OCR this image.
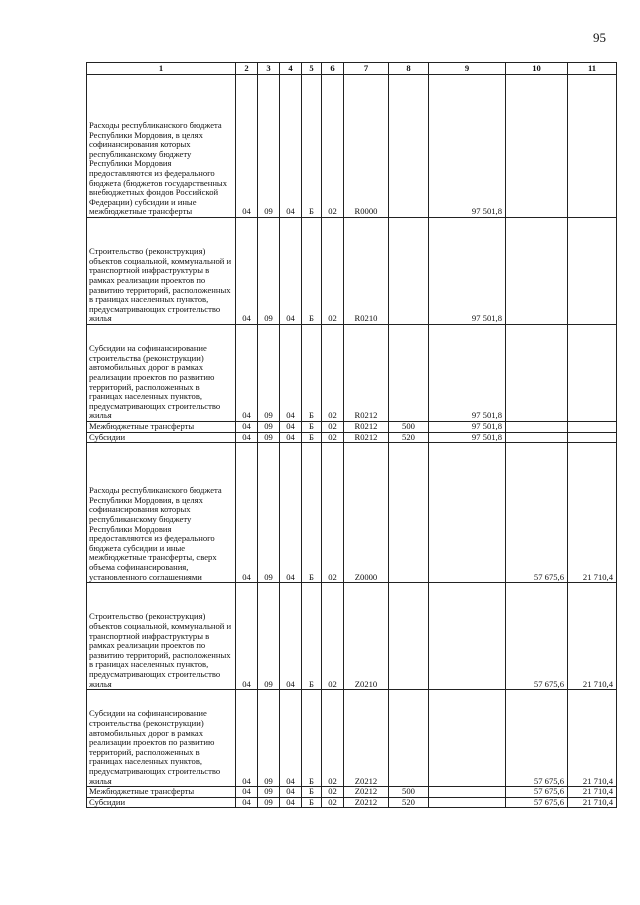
95
1	2	3	4	5	6	7	8	9	10	11
Расходы республиканского бюджета Республики Мордовия, в целях софинансирования которых республиканскому бюджету Республики Мордовия предоставляются из федерального бюджета (бюджетов государственных внебюджетных фондов Российской Федерации) субсидии и иные межбюджетные трансферты	04	09	04	Б	02	R0000		97 501,8		
Строительство (реконструкция) объектов социальной, коммунальной и транспортной инфраструктуры в рамках реализации проектов по развитию территорий, расположенных в границах населенных пунктов, предусматривающих строительство жилья	04	09	04	Б	02	R0210		97 501,8		
Субсидии на софинансирование строительства (реконструкции) автомобильных дорог в рамках реализации проектов по развитию территорий, расположенных в границах населенных пунктов, предусматривающих строительство жилья	04	09	04	Б	02	R0212		97 501,8		
Межбюджетные трансферты	04	09	04	Б	02	R0212	500	97 501,8		
Субсидии	04	09	04	Б	02	R0212	520	97 501,8		
Расходы республиканского бюджета Республики Мордовия, в целях софинансирования которых республиканскому бюджету Республики Мордовия предоставляются из федерального бюджета субсидии и иные межбюджетные трансферты, сверх объема софинансирования, установленного соглашениями	04	09	04	Б	02	Z0000			57 675,6	21 710,4
Строительство (реконструкция) объектов социальной, коммунальной и транспортной инфраструктуры в рамках реализации проектов по развитию территорий, расположенных в границах населенных пунктов, предусматривающих строительство жилья	04	09	04	Б	02	Z0210			57 675,6	21 710,4
Субсидии на софинансирование строительства (реконструкции) автомобильных дорог в рамках реализации проектов по развитию территорий, расположенных в границах населенных пунктов, предусматривающих строительство жилья	04	09	04	Б	02	Z0212			57 675,6	21 710,4
Межбюджетные трансферты	04	09	04	Б	02	Z0212	500		57 675,6	21 710,4
Субсидии	04	09	04	Б	02	Z0212	520		57 675,6	21 710,4
